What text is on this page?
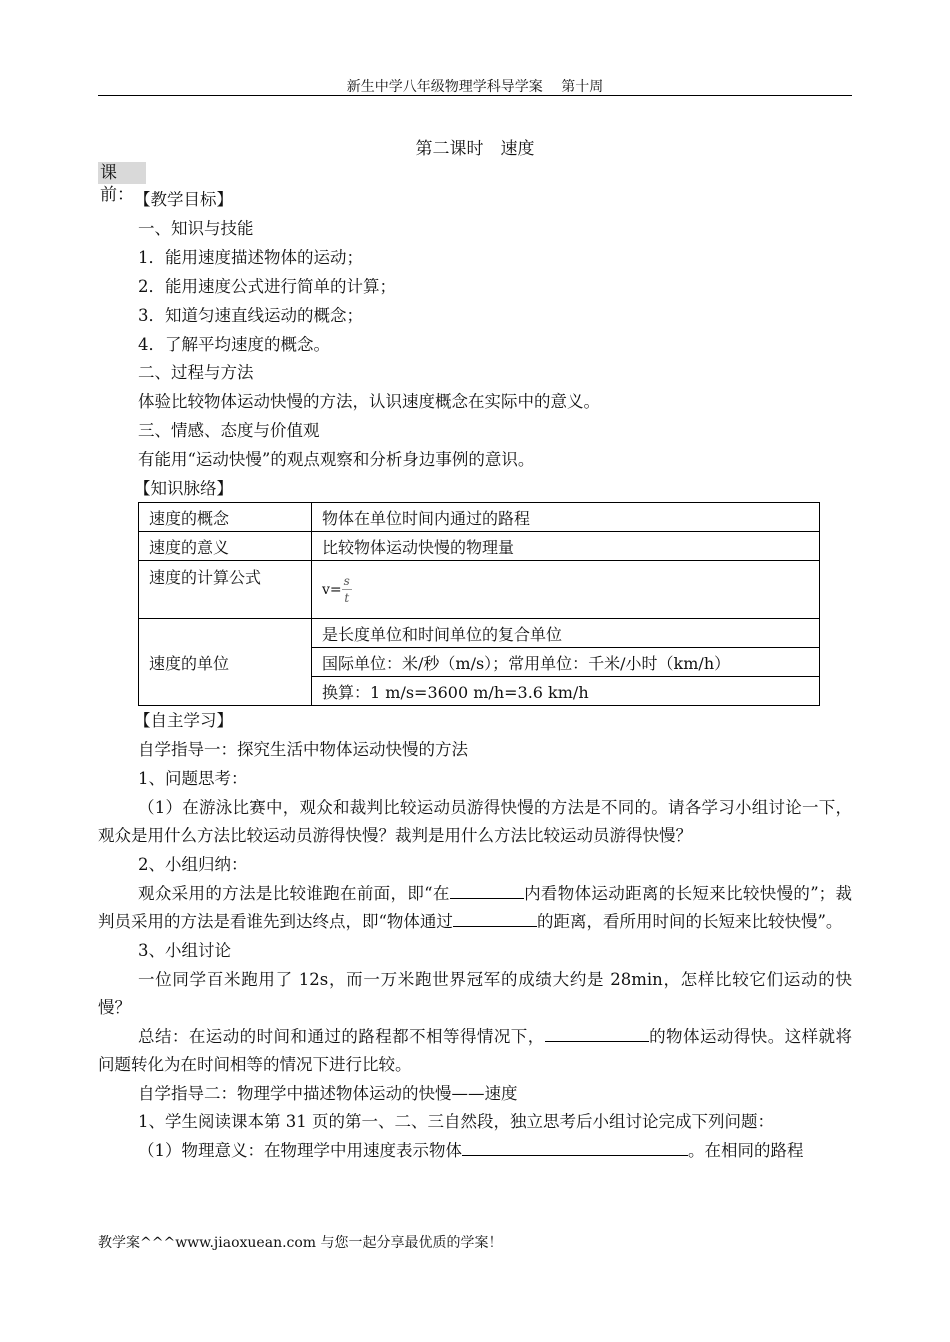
新生中学八年级物理学科导学案　 第十周
第二课时　速度
课前： 【教学目标】
一、知识与技能
1．能用速度描述物体的运动；
2．能用速度公式进行简单的计算；
3．知道匀速直线运动的概念；
4．了解平均速度的概念。
二、过程与方法
体验比较物体运动快慢的方法，认识速度概念在实际中的意义。
三、情感、态度与价值观
有能用“运动快慢”的观点观察和分析身边事例的意识。
【知识脉络】
速度的概念	物体在单位时间内通过的路程
速度的意义	比较物体运动快慢的物理量
速度的计算公式	$v= \frac{s}{t}$
速度的单位	是长度单位和时间单位的复合单位
	国际单位：米/秒（m/s）；常用单位：千米/小时（km/h）
	换算：1 m/s=3600 m/h=3.6 km/h
【自主学习】
自学指导一：探究生活中物体运动快慢的方法
1、问题思考：

（1）在游泳比赛中，观众和裁判比较运动员游得快慢的方法是不同的。请各学习小组讨论一下，观众是用什么方法比较运动员游得快慢？裁判是用什么方法比较运动员游得快慢？

2、小组归纳：

观众采用的方法是比较谁跑在前面，即“在	内看物体运动距离的长短来比较快慢的”；裁判员采用的方法是看谁先到达终点，即“物体通过	的距离，看所用时间的长短来比较快慢”。

3、小组讨论

一位同学百米跑用了 12s，而一万米跑世界冠军的成绩大约是 28min，怎样比较它们运动的快慢？

总结：在运动的时间和通过的路程都不相等得情况下，	的物体运动得快。这样就将问题转化为在时间相等的情况下进行比较。

自学指导二：物理学中描述物体运动的快慢——速度
1、学生阅读课本第 31 页的第一、二、三自然段，独立思考后小组讨论完成下列问题：
（1）物理意义：在物理学中用速度表示物体	。在相同的路程
教学案^^^www.jiaoxuean.com 与您一起分享最优质的学案！
